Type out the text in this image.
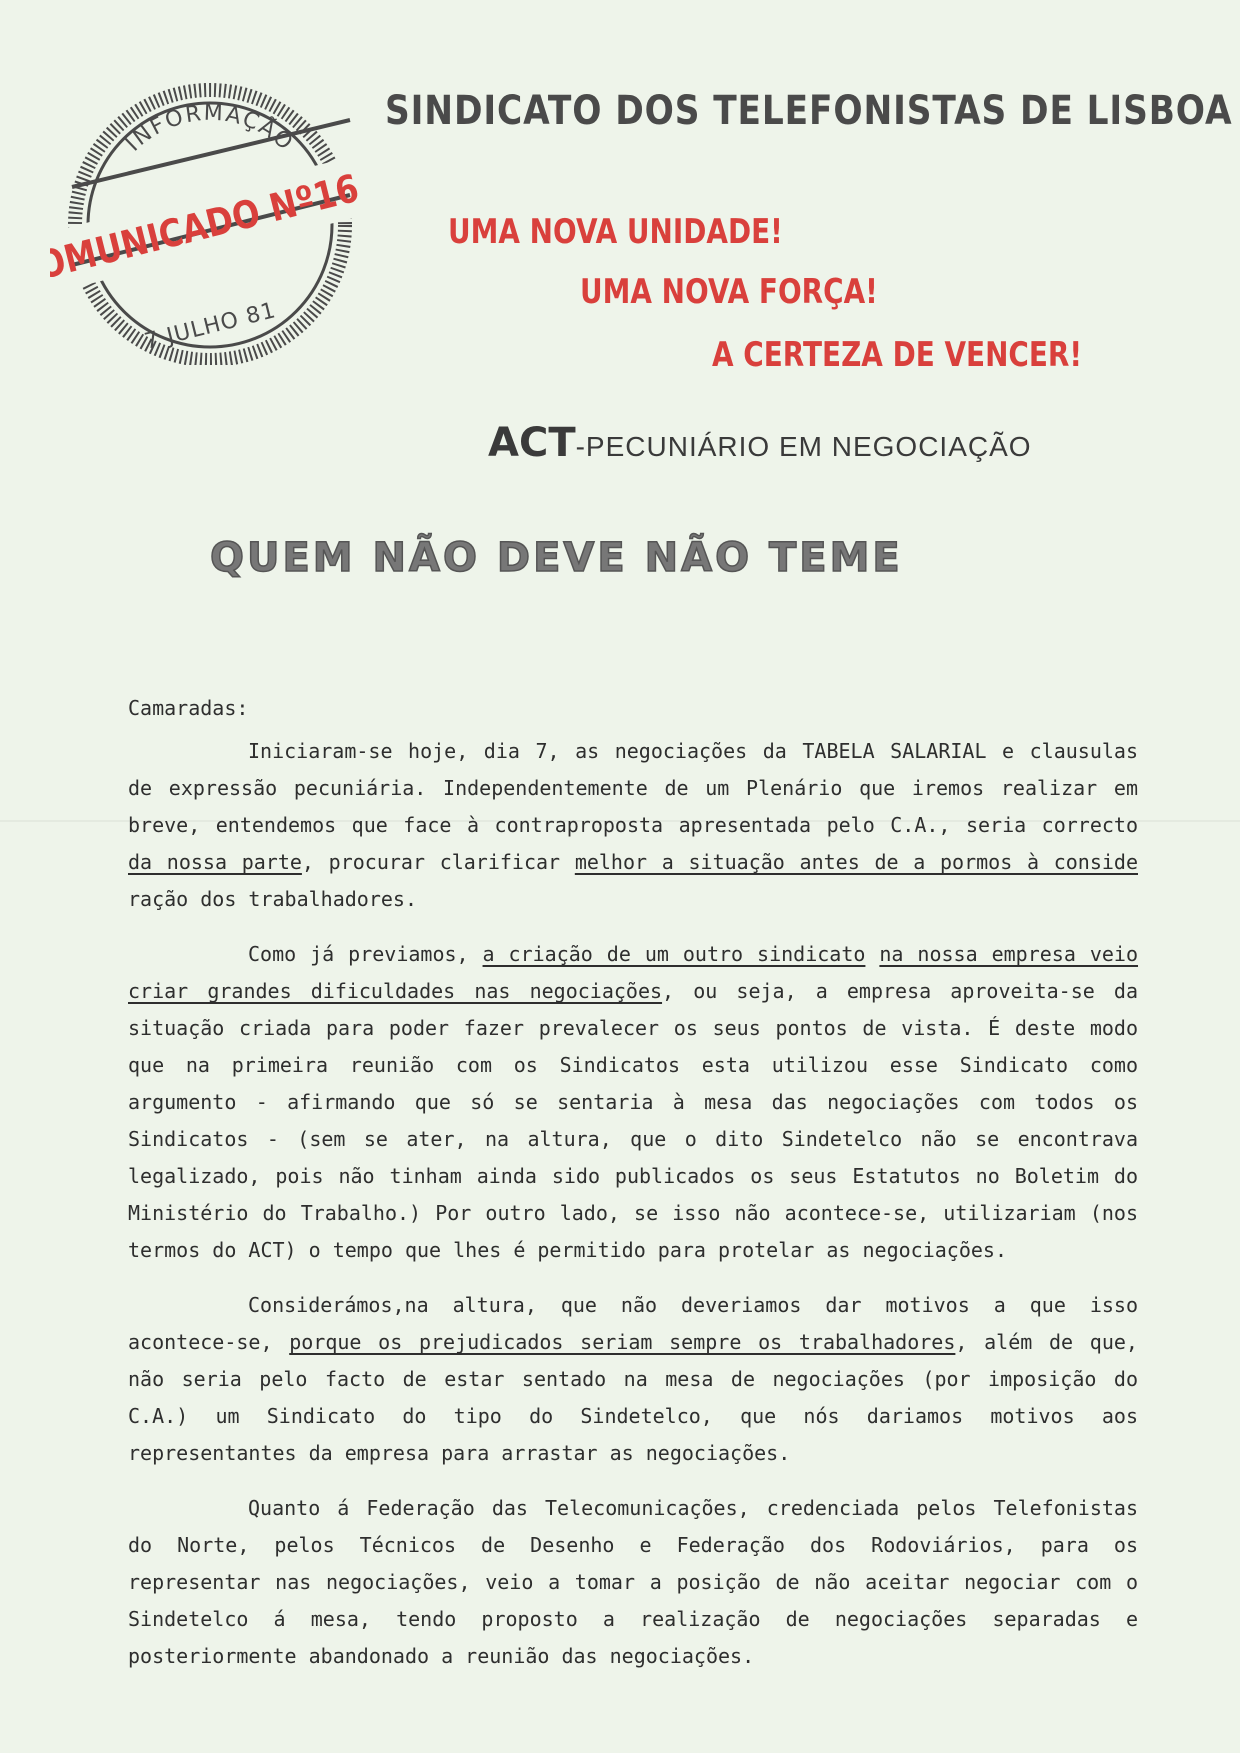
INFORMAÇÃO
COMUNICADO Nº16
7 JULHO 81
SINDICATO DOS TELEFONISTAS DE LISBOA
UMA NOVA UNIDADE!
UMA NOVA FORÇA!
A CERTEZA DE VENCER!
ACT-PECUNIÁRIO EM NEGOCIAÇÃO
QUEM NÃO DEVE NÃO TEME

Camaradas:

Iniciaram-se hoje, dia 7, as negociações da TABELA SALARIAL e clausulas de expressão pecuniária. Independentemente de um Plenário que iremos realizar em breve, entendemos que face à contraproposta apresentada pelo C.A., seria correcto da nossa parte, procurar clarificar melhor a situação antes de a pormos à conside ração dos trabalhadores.

Como já previamos, a criação de um outro sindicato na nossa empresa veio criar grandes dificuldades nas negociações, ou seja, a empresa aproveita-se da situação criada para poder fazer prevalecer os seus pontos de vista. É deste modo que na primeira reunião com os Sindicatos esta utilizou esse Sindicato como argumento - afirmando que só se sentaria à mesa das negociações com todos os Sindicatos - (sem se ater, na altura, que o dito Sindetelco não se encontrava legalizado, pois não tinham ainda sido publicados os seus Estatutos no Boletim do Ministério do Trabalho.) Por outro lado, se isso não acontece-se, utilizariam (nos termos do ACT) o tempo que lhes é permitido para protelar as negociações.

Considerámos,na altura, que não deveriamos dar motivos a que isso acontece-se, porque os prejudicados seriam sempre os trabalhadores, além de que, não seria pelo facto de estar sentado na mesa de negociações (por imposição do C.A.) um Sindicato do tipo do Sindetelco, que nós dariamos motivos aos representantes da empresa para arrastar as negociações.

Quanto á Federação das Telecomunicações, credenciada pelos Telefonistas do Norte, pelos Técnicos de Desenho e Federação dos Rodoviários, para os representar nas negociações, veio a tomar a posição de não aceitar negociar com o Sindetelco á mesa, tendo proposto a realização de negociações separadas e posteriormente abandonado a reunião das negociações.
